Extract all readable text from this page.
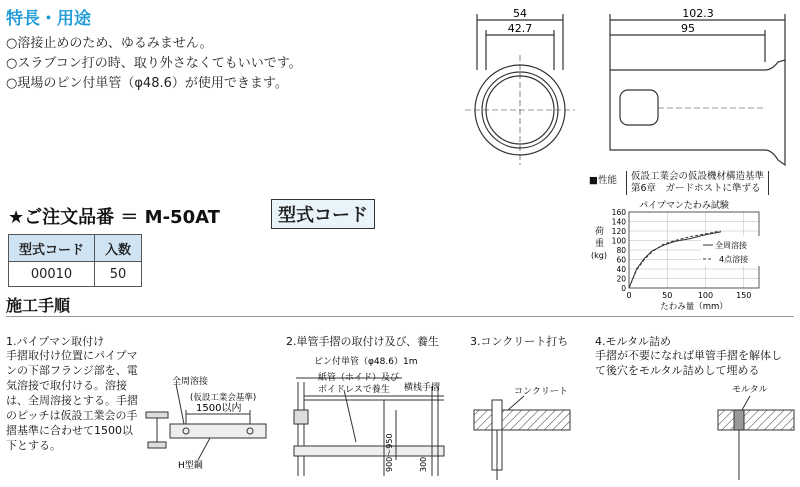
特長・用途
○溶接止めのため、ゆるみません。
○スラブコン打の時、取り外さなくてもいいです。
○現場のピン付単管（φ48.6）が使用できます。
54
42.7
102.3
95
★ご注文品番 ＝ M-50AT	型式コード
型式コード	入数
00010	50
■性能 仮設工業会の仮設機材構造基準
第6章　ガードホストに準ずる
パイプマンたわみ試験
160
140
120
100
80
60
40
20
0
0	50	100	150
荷
重
(kg)
たわみ量（mm）
全周溶接
4点溶接
施工手順
1.パイプマン取付け
手摺取付け位置にパイプマンの下部フランジ部を、電気溶接で取付ける。溶接は、全周溶接とする。手摺のピッチは仮設工業会の手摺基準に合わせて1500以下とする。
全周溶接
(仮設工業会基準)
1500以内
H型鋼
2.単管手摺の取付け及び、養生
ピン付単管（φ48.6）1m
紙管（ホイド）及び
ボイドレスで養生 横桟手摺
900〜950	300
3.コンクリート打ち
コンクリート
4.モルタル詰め
手摺が不要になれば単管手摺を解体して後穴をモルタル詰めして埋める
モルタル
